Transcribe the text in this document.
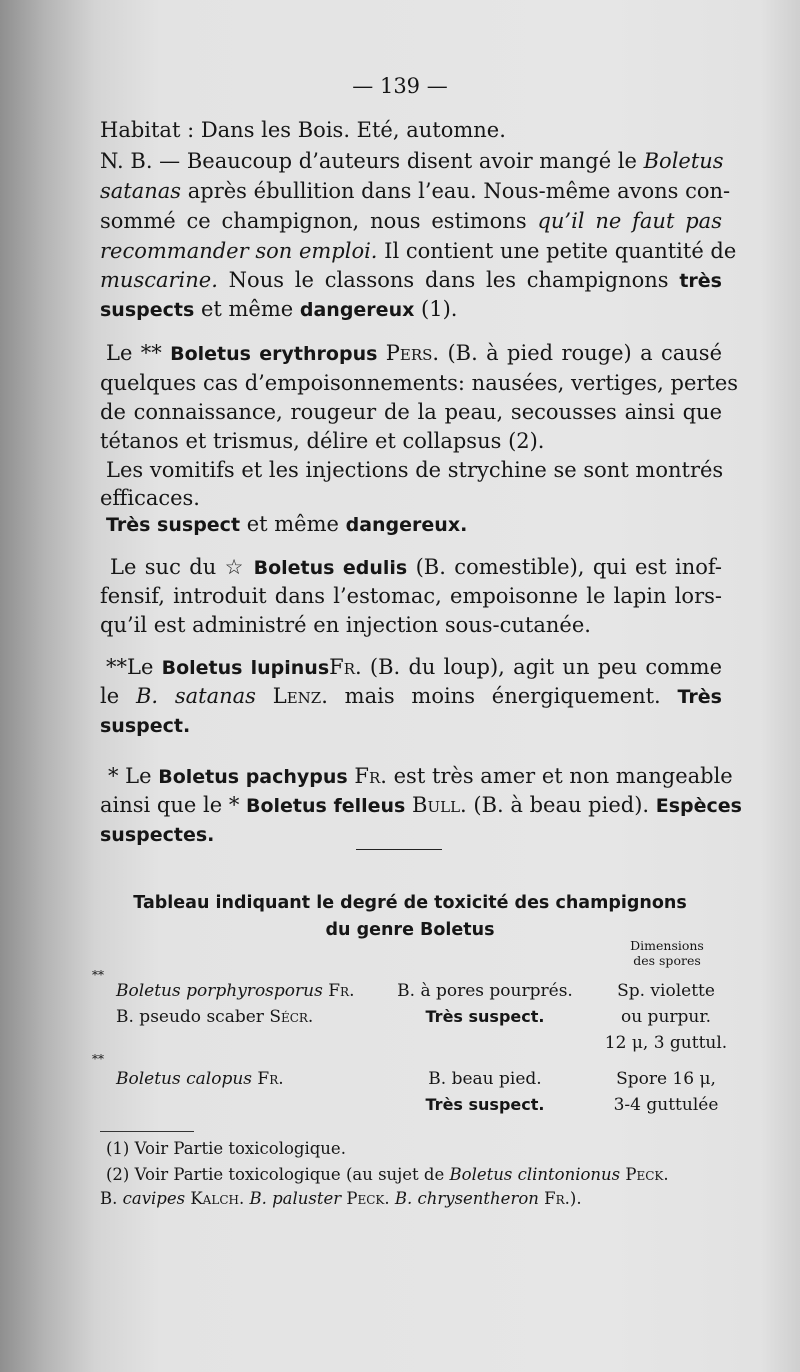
— 139 —
Habitat : Dans les Bois. Eté, automne.
N. B. — Beaucoup d’auteurs disent avoir mangé le Boletus
satanas après ébullition dans l’eau. Nous-même avons con-
sommé ce champignon, nous estimons qu’il ne faut pas
recommander son emploi. Il contient une petite quantité de
muscarine. Nous le classons dans les champignons très
suspects et même dangereux (1).
Le ** Boletus erythropus Pers. (B. à pied rouge) a causé
quelques cas d’empoisonnements: nausées, vertiges, pertes
de connaissance, rougeur de la peau, secousses ainsi que
tétanos et trismus, délire et collapsus (2).
Les vomitifs et les injections de strychine se sont montrés
efficaces.
Très suspect et même dangereux.
Le suc du ☆ Boletus edulis (B. comestible), qui est inof-
fensif, introduit dans l’estomac, empoisonne le lapin lors-
qu’il est administré en injection sous-cutanée.
**Le Boletus lupinusFr. (B. du loup), agit un peu comme
le B. satanas Lenz. mais moins énergiquement. Très
suspect.
* Le Boletus pachypus Fr. est très amer et non mangeable
ainsi que le * Boletus felleus Bull. (B. à beau pied). Espèces
suspectes.
Tableau indiquant le degré de toxicité des champignons
du genre Boletus
Dimensions
des spores
**
Boletus porphyrosporus Fr.
B. pseudo scaber Sécr.
B. à pores pourprés.
Très suspect.
Sp. violette
ou purpur.
12 μ, 3 guttul.
**
Boletus calopus Fr.	B. beau pied.
Très suspect.
Spore 16 μ,
3-4 guttulée
(1) Voir Partie toxicologique.
(2) Voir Partie toxicologique (au sujet de Boletus clintonionus Peck.
B. cavipes Kalch. B. paluster Peck. B. chrysentheron Fr.).
